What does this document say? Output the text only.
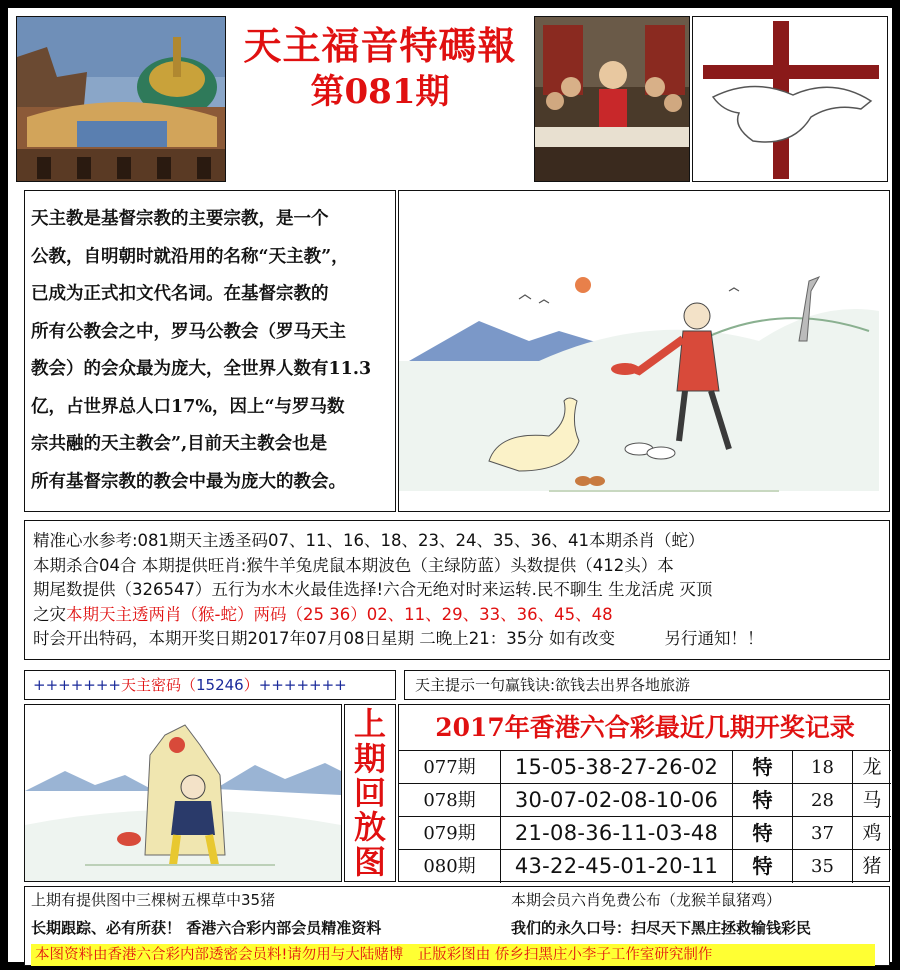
天主福音特碼報
第081期
天主教是基督宗教的主要宗教，是一个
公教，自明朝时就沿用的名称“天主教”，
已成为正式扣文代名词。在基督宗教的
所有公教会之中，罗马公教会（罗马天主
教会）的会众最为庞大，全世界人数有11.3
亿，占世界总人口17%，因上“与罗马数
宗共融的天主教会”,目前天主教会也是
所有基督宗教的教会中最为庞大的教会。
精准心水参考:081期天主透圣码07、11、16、18、23、24、35、36、41本期杀肖（蛇）
本期杀合04合 本期提供旺肖:猴牛羊兔虎鼠本期波色（主绿防蓝）头数提供（412头）本
期尾数提供（326547）五行为水木火最佳选择!六合无绝对时来运转.民不聊生 生龙活虎 灭顶
之灾本期天主透两肖（猴-蛇）两码（25 36）02、11、29、33、36、45、48
时会开出特码，本期开奖日期2017年07月08日星期 二晚上21：35分 如有改变　　　另行通知！！
+++++++天主密码（15246）+++++++	天主提示一句赢钱诀:欲钱去出界各地旅游
上
期
回
放
图
2017年香港六合彩最近几期开奖记录
077期	15-05-38-27-26-02	特	18	龙
078期	30-07-02-08-10-06	特	28	马
079期	21-08-36-11-03-48	特	37	鸡
080期	43-22-45-01-20-11	特	35	猪
上期有提供图中三棵树五棵草中35猪	本期会员六肖免费公布（龙猴羊鼠猪鸡）
长期跟踪、必有所获！ 香港六合彩内部会员精准资料	我们的永久口号：扫尽天下黑庄拯救输钱彩民
本图资料由香港六合彩内部透密会员料!请勿用与大陆赌博　正版彩图由 侨乡扫黑庄小李子工作室研究制作
